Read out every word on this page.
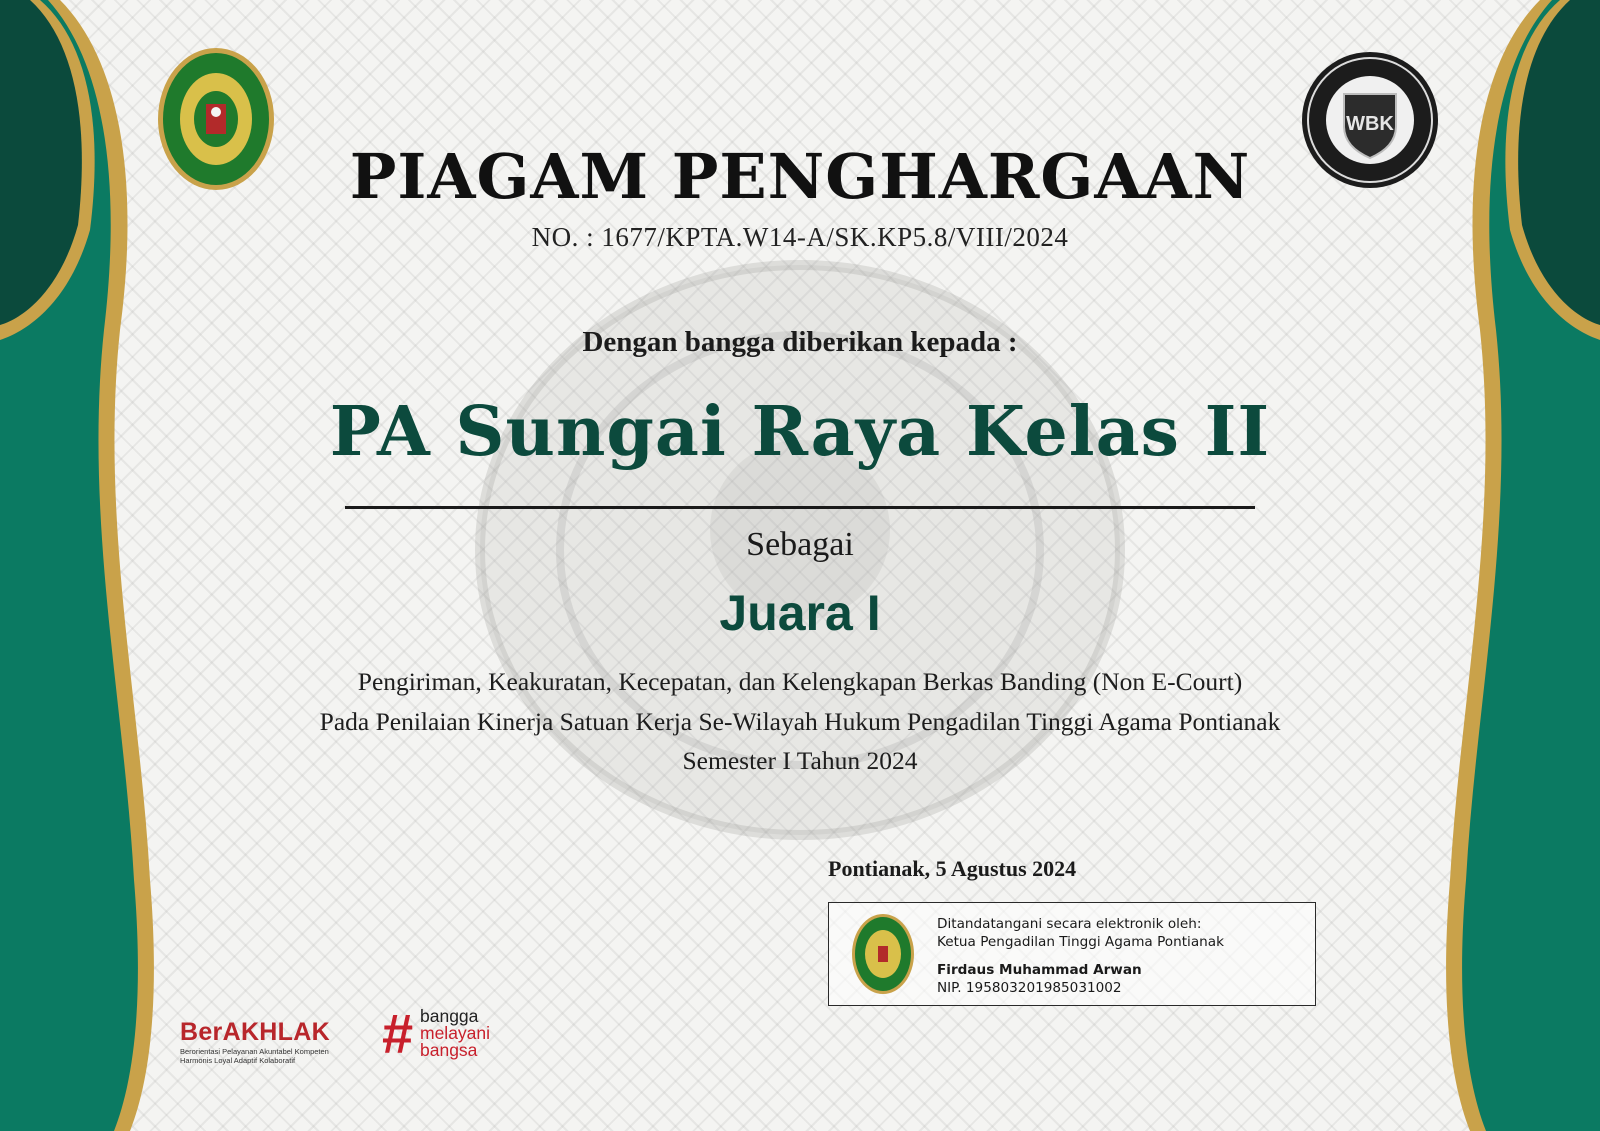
WBK
PIAGAM PENGHARGAAN
NO. : 1677/KPTA.W14-A/SK.KP5.8/VIII/2024
Dengan bangga diberikan kepada :
PA Sungai Raya Kelas II
Sebagai
Juara I
Pengiriman, Keakuratan, Kecepatan, dan Kelengkapan Berkas Banding (Non E-Court)
Pada Penilaian Kinerja Satuan Kerja Se-Wilayah Hukum Pengadilan Tinggi Agama Pontianak
Semester I Tahun 2024
Pontianak, 5 Agustus 2024
Ditandatangani secara elektronik oleh:
Ketua Pengadilan Tinggi Agama Pontianak
Firdaus Muhammad Arwan
NIP. 195803201985031002
BerAKHLAK
Berorientasi Pelayanan Akuntabel Kompeten
Harmonis Loyal Adaptif Kolaboratif	# bangga
melayani
bangsa
